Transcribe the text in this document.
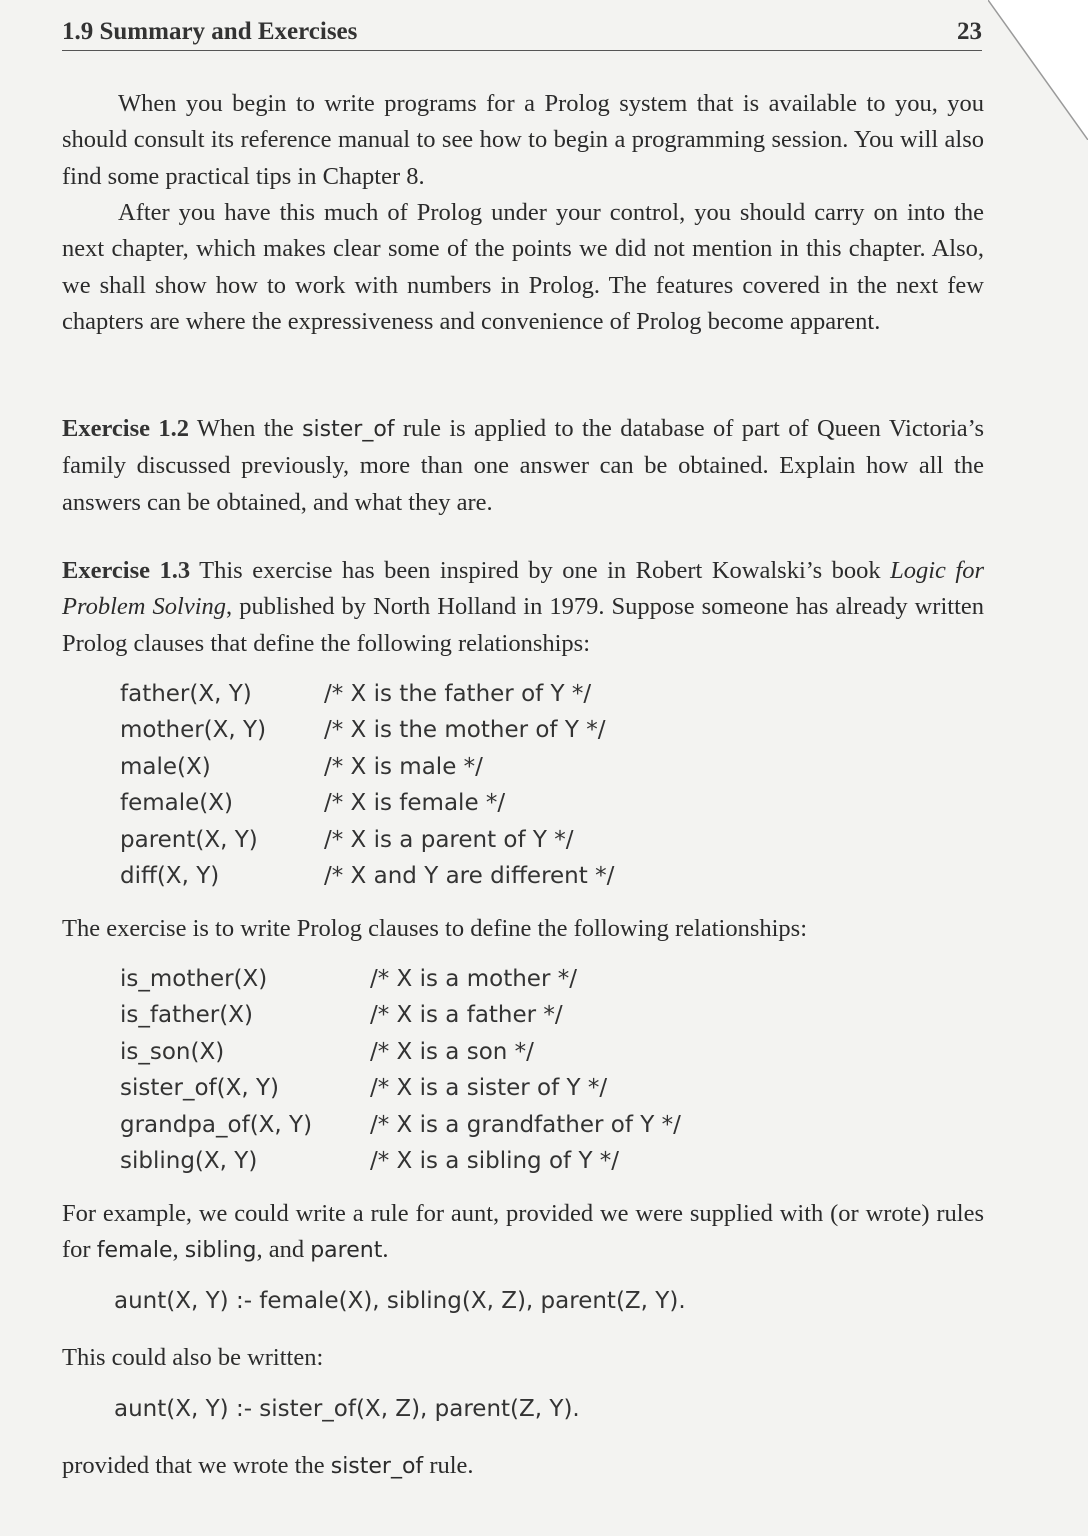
1.9 Summary and Exercises	23

When you begin to write programs for a Prolog system that is available to you, you should consult its reference manual to see how to begin a programming session. You will also find some practical tips in Chapter 8.

After you have this much of Prolog under your control, you should carry on into the next chapter, which makes clear some of the points we did not mention in this chapter. Also, we shall show how to work with numbers in Prolog. The features covered in the next few chapters are where the expressiveness and convenience of Prolog become apparent.

Exercise 1.2 When the sister_of rule is applied to the database of part of Queen Victoria’s family discussed previously, more than one answer can be obtained. Explain how all the answers can be obtained, and what they are.

Exercise 1.3 This exercise has been inspired by one in Robert Kowalski’s book Logic for Problem Solving, published by North Holland in 1979. Suppose someone has already written Prolog clauses that define the following relationships:

father(X, Y)	/* X is the father of Y */
mother(X, Y)	/* X is the mother of Y */
male(X)	/* X is male */
female(X)	/* X is female */
parent(X, Y)	/* X is a parent of Y */
diff(X, Y)	/* X and Y are different */

The exercise is to write Prolog clauses to define the following relationships:

is_mother(X)	/* X is a mother */
is_father(X)	/* X is a father */
is_son(X)	/* X is a son */
sister_of(X, Y)	/* X is a sister of Y */
grandpa_of(X, Y)	/* X is a grandfather of Y */
sibling(X, Y)	/* X is a sibling of Y */

For example, we could write a rule for aunt, provided we were supplied with (or wrote) rules for female, sibling, and parent.

aunt(X, Y) :- female(X), sibling(X, Z), parent(Z, Y).

This could also be written:

aunt(X, Y) :- sister_of(X, Z), parent(Z, Y).

provided that we wrote the sister_of rule.
